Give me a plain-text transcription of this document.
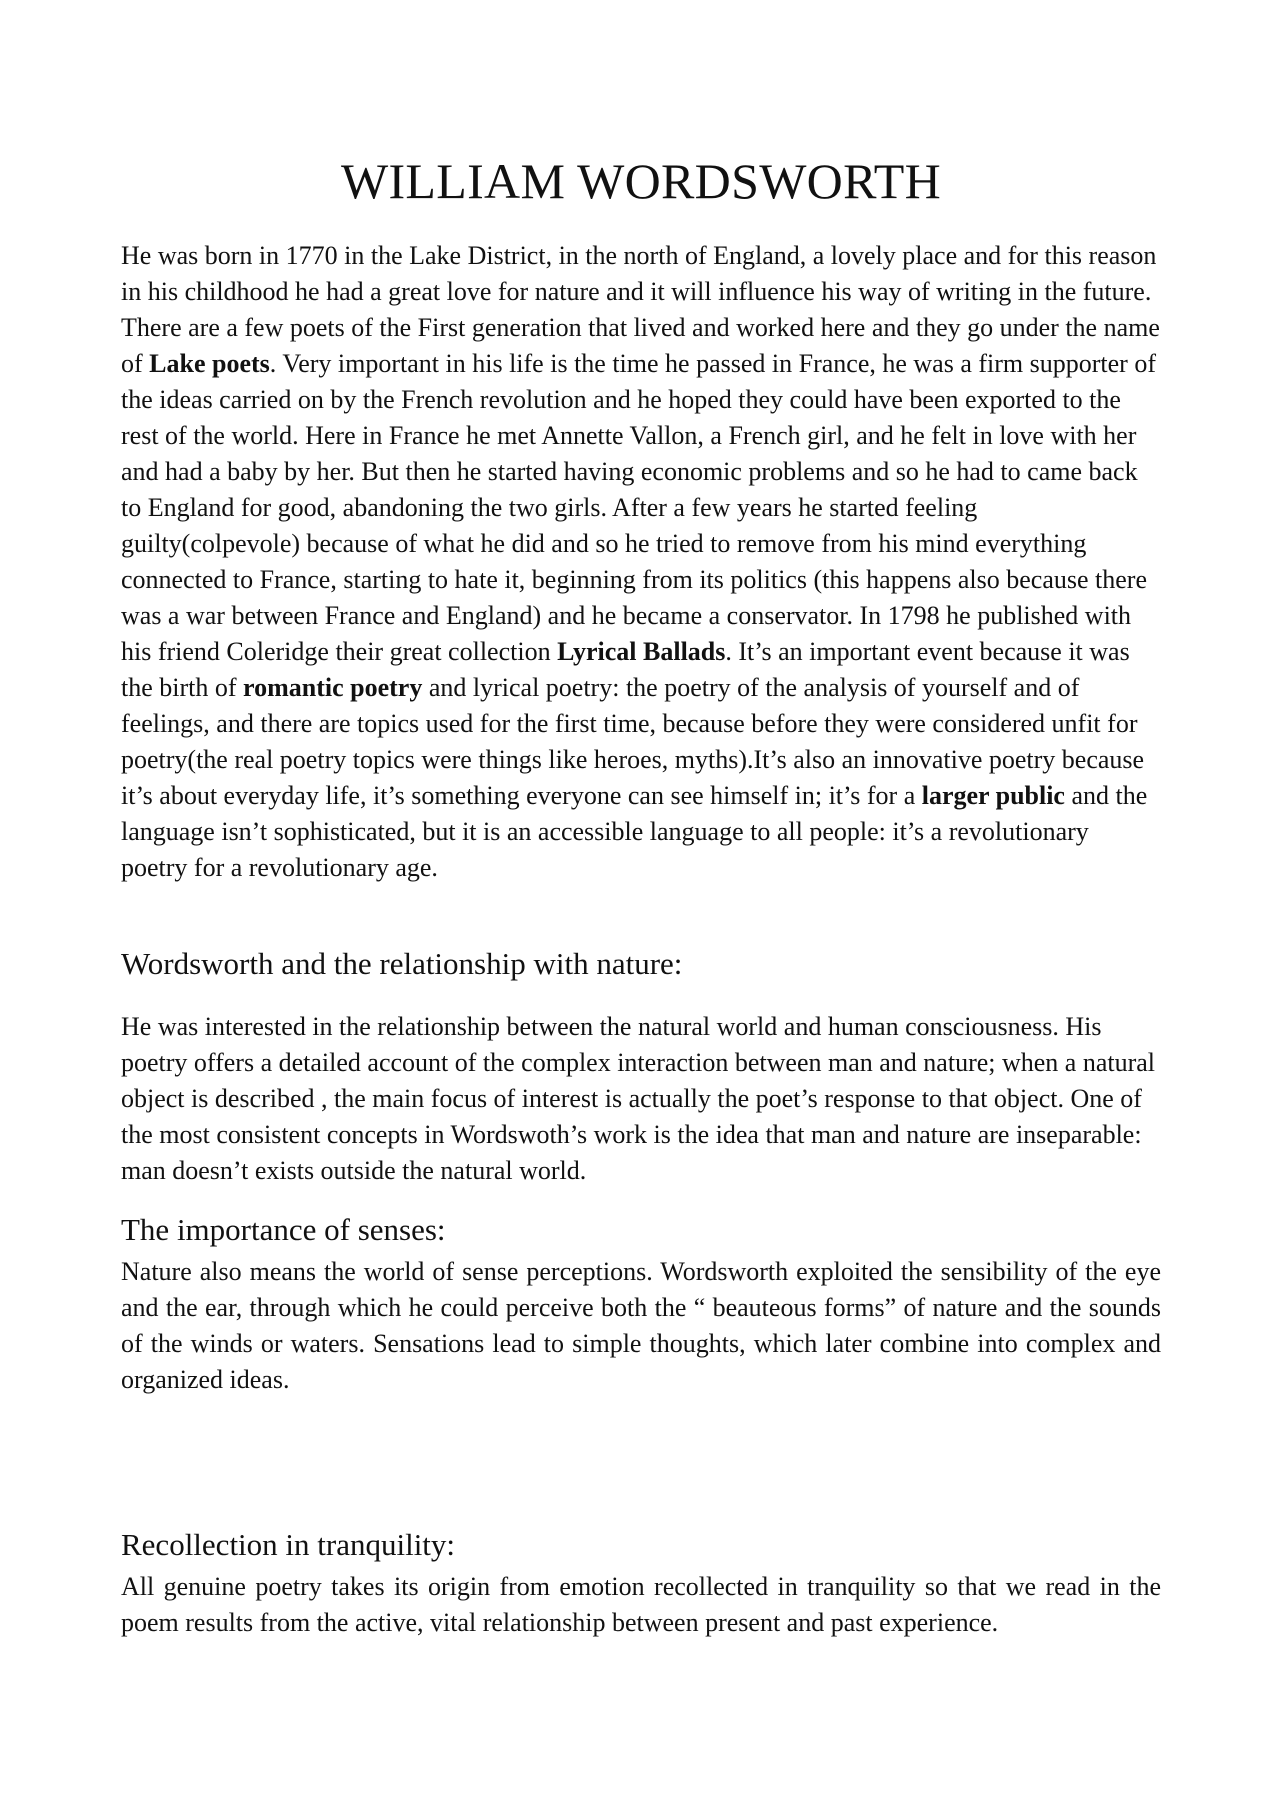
WILLIAM WORDSWORTH

He was born in 1770 in the Lake District, in the north of England, a lovely place and for this reason in his childhood he had a great love for nature and it will influence his way of writing in the future. There are a few poets of the First generation that lived and worked here and they go under the name of Lake poets. Very important in his life is the time he passed in France, he was a firm supporter of the ideas carried on by the French revolution and he hoped they could have been exported to the rest of the world. Here in France he met Annette Vallon, a French girl, and he felt in love with her and had a baby by her. But then he started having economic problems and so he had to came back to England for good, abandoning the two girls. After a few years he started feeling guilty(colpevole) because of what he did and so he tried to remove from his mind everything connected to France, starting to hate it, beginning from its politics (this happens also because there was a war between France and England) and he became a conservator. In 1798 he published with his friend Coleridge their great collection Lyrical Ballads. It’s an important event because it was the birth of romantic poetry and lyrical poetry: the poetry of the analysis of yourself and of feelings, and there are topics used for the first time, because before they were considered unfit for poetry(the real poetry topics were things like heroes, myths).It’s also an innovative poetry because it’s about everyday life, it’s something everyone can see himself in; it’s for a larger public and the language isn’t sophisticated, but it is an accessible language to all people: it’s a revolutionary poetry for a revolutionary age.

Wordsworth and the relationship with nature:

He was interested in the relationship between the natural world and human consciousness. His poetry offers a detailed account of the complex interaction between man and nature; when a natural object is described , the main focus of interest is actually the poet’s response to that object. One of the most consistent concepts in Wordswoth’s work is the idea that man and nature are inseparable: man doesn’t exists outside the natural world.

The importance of senses:

Nature also means the world of sense perceptions. Wordsworth exploited the sensibility of the eye and the ear, through which he could perceive both the “ beauteous forms” of nature and the sounds of the winds or waters. Sensations lead to simple thoughts, which later combine into complex and organized ideas.

Recollection in tranquility:

All genuine poetry takes its origin from emotion recollected in tranquility so that we read in the poem results from the active, vital relationship between present and past experience.
